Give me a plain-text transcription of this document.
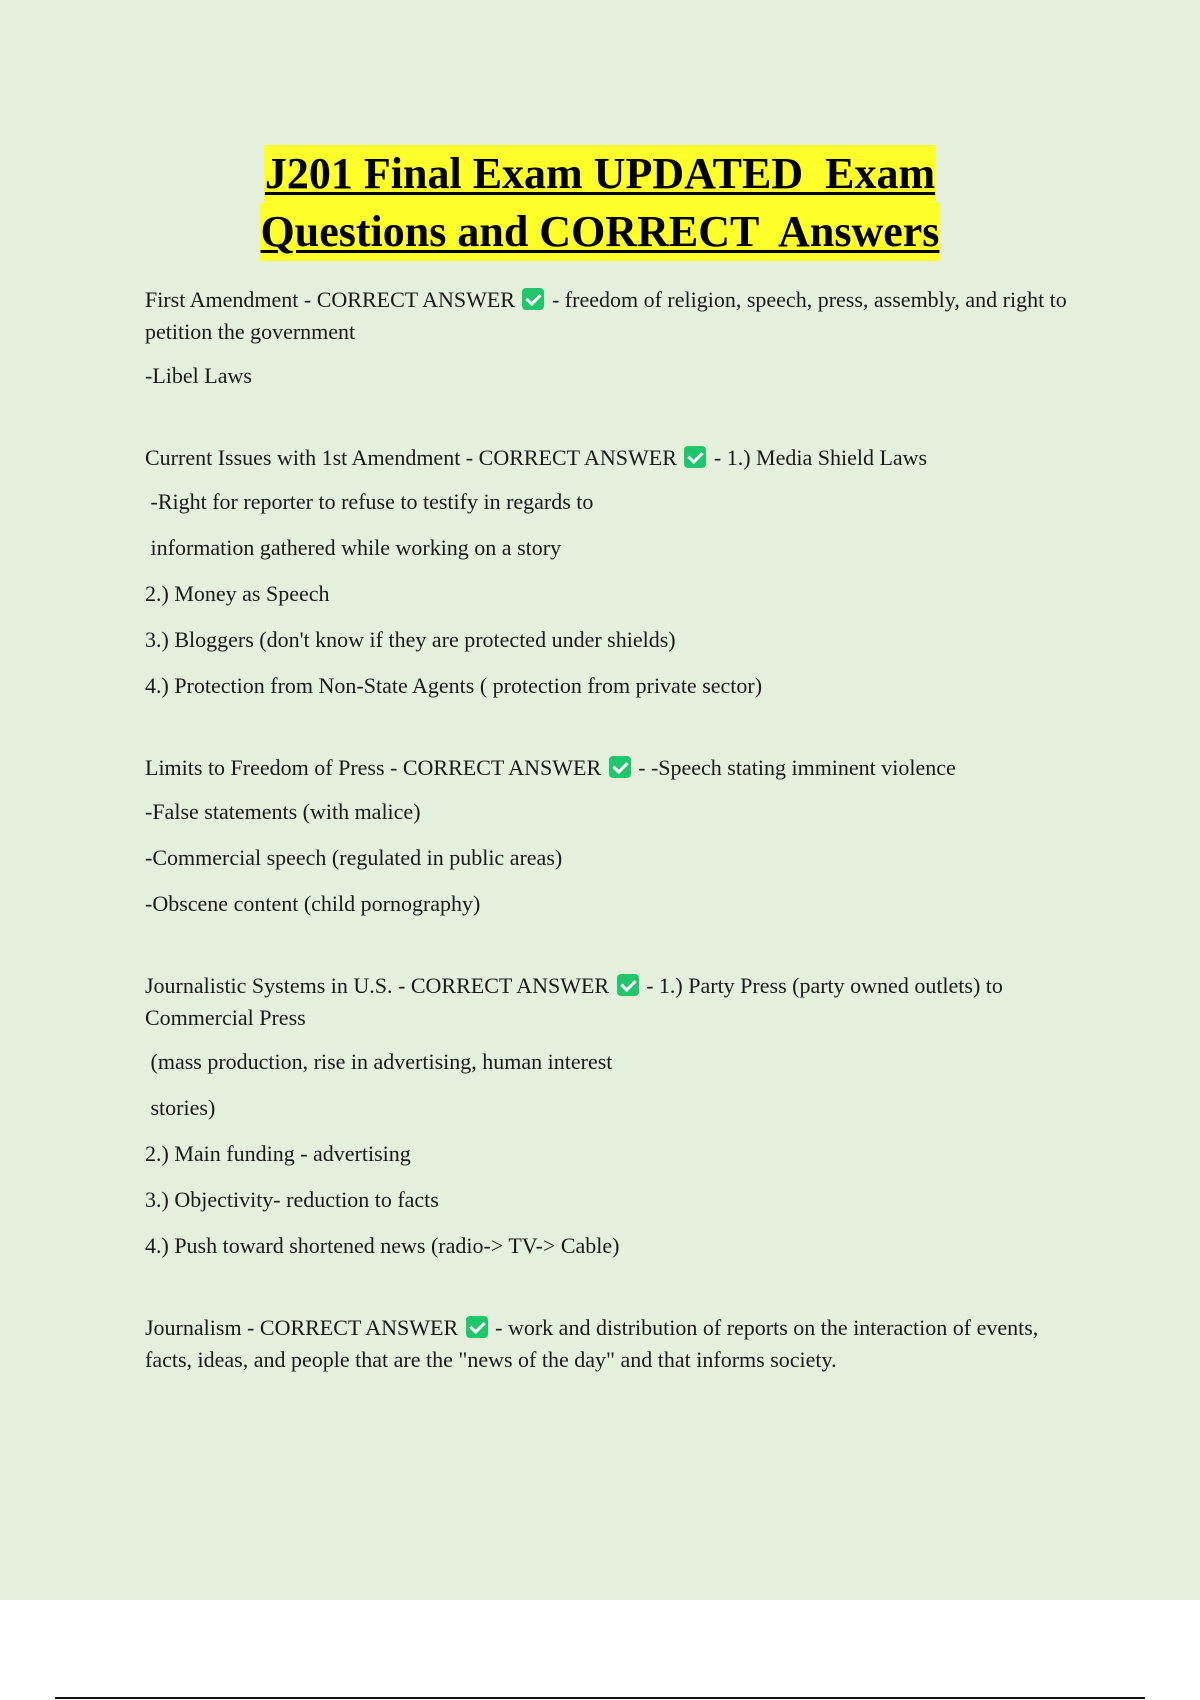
J201 Final Exam UPDATED  Exam
Questions and CORRECT  Answers

First Amendment - CORRECT ANSWER - freedom of religion, speech, press, assembly, and right to petition the government

-Libel Laws

Current Issues with 1st Amendment - CORRECT ANSWER - 1.) Media Shield Laws

-Right for reporter to refuse to testify in regards to

information gathered while working on a story

2.) Money as Speech

3.) Bloggers (don't know if they are protected under shields)

4.) Protection from Non-State Agents ( protection from private sector)

Limits to Freedom of Press - CORRECT ANSWER - -Speech stating imminent violence

-False statements (with malice)

-Commercial speech (regulated in public areas)

-Obscene content (child pornography)

Journalistic Systems in U.S. - CORRECT ANSWER - 1.) Party Press (party owned outlets) to Commercial Press

(mass production, rise in advertising, human interest

stories)

2.) Main funding - advertising

3.) Objectivity- reduction to facts

4.) Push toward shortened news (radio-> TV-> Cable)

Journalism - CORRECT ANSWER - work and distribution of reports on the interaction of events, facts, ideas, and people that are the "news of the day" and that informs society.
